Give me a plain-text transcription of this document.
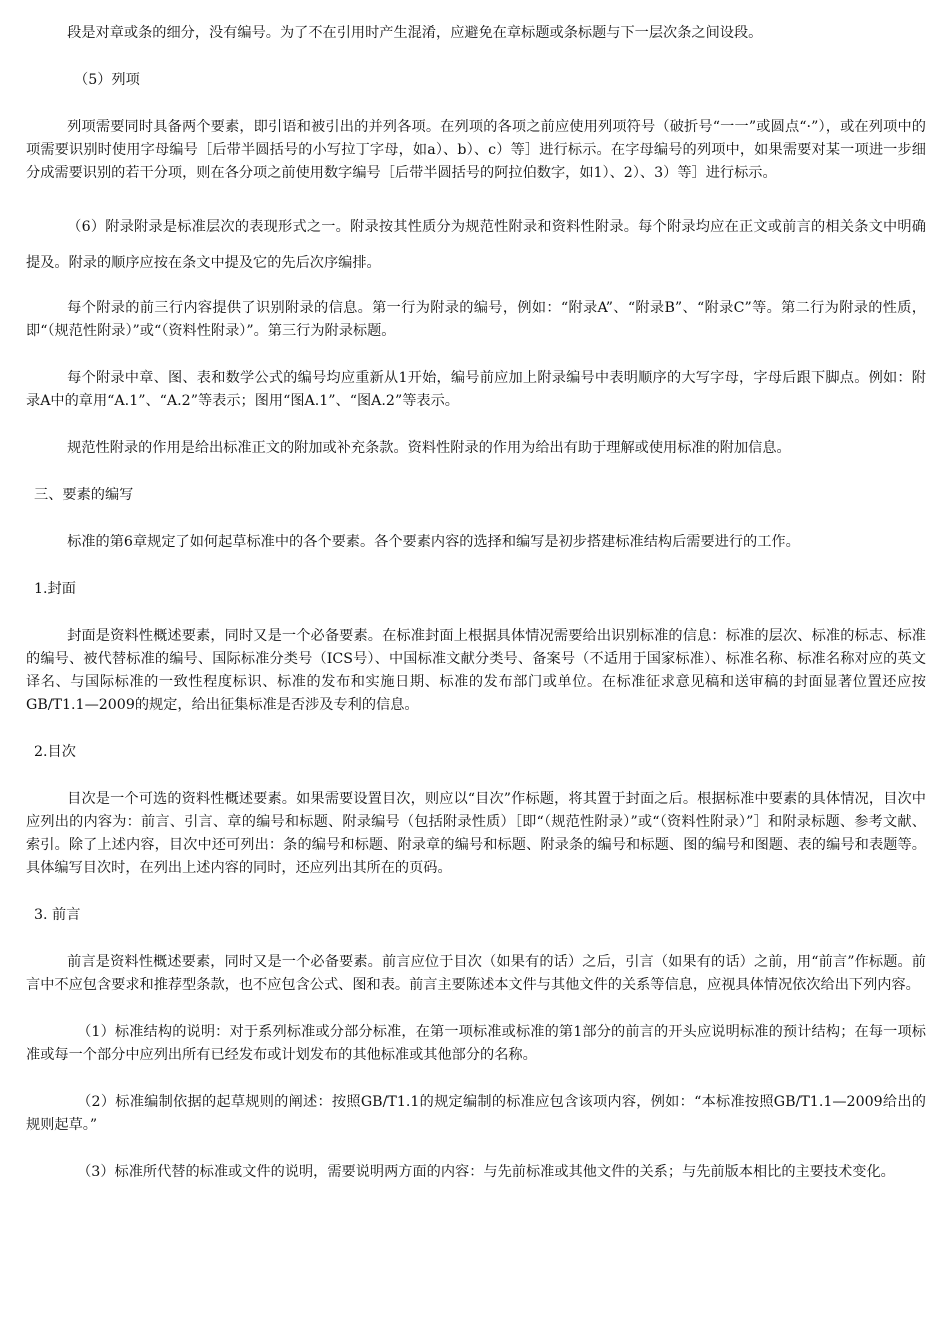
段是对章或条的细分，没有编号。为了不在引用时产生混淆，应避免在章标题或条标题与下一层次条之间设段。

（5）列项

列项需要同时具备两个要素，即引语和被引出的并列各项。在列项的各项之前应使用列项符号（破折号“一一”或圆点“·”），或在列项中的项需要识别时使用字母编号［后带半圆括号的小写拉丁字母，如a）、b）、c）等］进行标示。在字母编号的列项中，如果需要对某一项进一步细分成需要识别的若干分项，则在各分项之前使用数字编号［后带半圆括号的阿拉伯数字，如1）、2）、3）等］进行标示。

（6）附录附录是标准层次的表现形式之一。附录按其性质分为规范性附录和资料性附录。每个附录均应在正文或前言的相关条文中明确提及。附录的顺序应按在条文中提及它的先后次序编排。

每个附录的前三行内容提供了识别附录的信息。第一行为附录的编号，例如：“附录A”、“附录B”、“附录C”等。第二行为附录的性质，即“（规范性附录）”或“（资料性附录）”。第三行为附录标题。

每个附录中章、图、表和数学公式的编号均应重新从1开始，编号前应加上附录编号中表明顺序的大写字母，字母后跟下脚点。例如：附录A中的章用“A.1”、“A.2”等表示；图用“图A.1”、“图A.2”等表示。

规范性附录的作用是给出标准正文的附加或补充条款。资料性附录的作用为给出有助于理解或使用标准的附加信息。

三、要素的编写

标准的第6章规定了如何起草标准中的各个要素。各个要素内容的选择和编写是初步搭建标准结构后需要进行的工作。

1.封面

封面是资料性概述要素，同时又是一个必备要素。在标准封面上根据具体情况需要给出识别标准的信息：标准的层次、标准的标志、标准的编号、被代替标准的编号、国际标准分类号（ICS号）、中国标准文献分类号、备案号（不适用于国家标准）、标准名称、标准名称对应的英文译名、与国际标准的一致性程度标识、标准的发布和实施日期、标准的发布部门或单位。在标准征求意见稿和送审稿的封面显著位置还应按GB/T1.1—2009的规定，给出征集标准是否涉及专利的信息。

2.目次

目次是一个可选的资料性概述要素。如果需要设置目次，则应以“目次”作标题，将其置于封面之后。根据标准中要素的具体情况，目次中应列出的内容为：前言、引言、章的编号和标题、附录编号（包括附录性质）［即“（规范性附录）”或“（资料性附录）”］和附录标题、参考文献、索引。除了上述内容，目次中还可列出：条的编号和标题、附录章的编号和标题、附录条的编号和标题、图的编号和图题、表的编号和表题等。具体编写目次时，在列出上述内容的同时，还应列出其所在的页码。

3. 前言

前言是资料性概述要素，同时又是一个必备要素。前言应位于目次（如果有的话）之后，引言（如果有的话）之前，用“前言”作标题。前言中不应包含要求和推荐型条款，也不应包含公式、图和表。前言主要陈述本文件与其他文件的关系等信息，应视具体情况依次给出下列内容。

（1）标准结构的说明：对于系列标准或分部分标准，在第一项标准或标准的第1部分的前言的开头应说明标准的预计结构；在每一项标准或每一个部分中应列出所有已经发布或计划发布的其他标准或其他部分的名称。

（2）标准编制依据的起草规则的阐述：按照GB/T1.1的规定编制的标准应包含该项内容，例如：“本标准按照GB/T1.1—2009给出的规则起草。”

（3）标准所代替的标准或文件的说明，需要说明两方面的内容：与先前标准或其他文件的关系；与先前版本相比的主要技术变化。
